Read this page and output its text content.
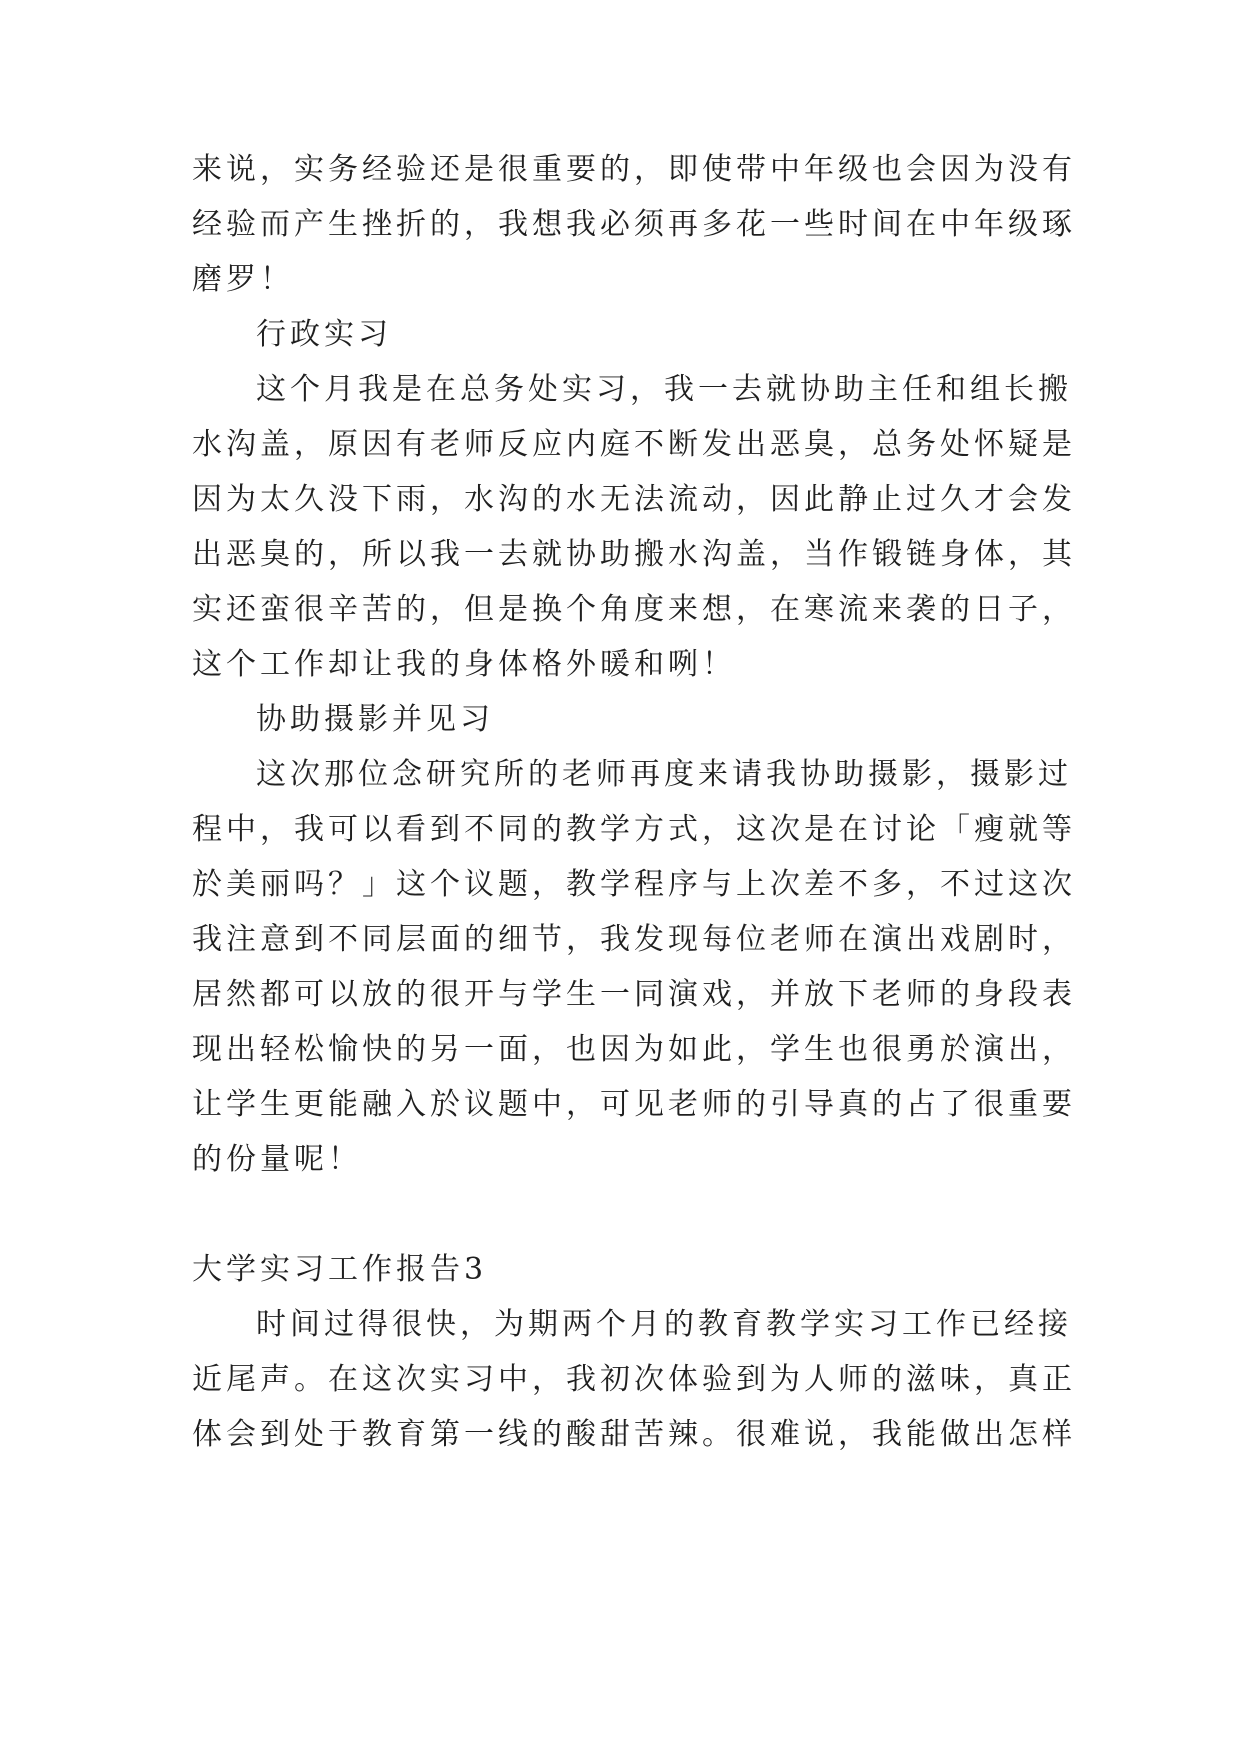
来说，实务经验还是很重要的，即使带中年级也会因为没有
经验而产生挫折的，我想我必须再多花一些时间在中年级琢
磨罗！
行政实习
这个月我是在总务处实习，我一去就协助主任和组长搬
水沟盖，原因有老师反应内庭不断发出恶臭，总务处怀疑是
因为太久没下雨，水沟的水无法流动，因此静止过久才会发
出恶臭的，所以我一去就协助搬水沟盖，当作锻链身体，其
实还蛮很辛苦的，但是换个角度来想，在寒流来袭的日子，
这个工作却让我的身体格外暖和咧！
协助摄影并见习
这次那位念研究所的老师再度来请我协助摄影，摄影过
程中，我可以看到不同的教学方式，这次是在讨论「瘦就等
於美丽吗？」这个议题，教学程序与上次差不多，不过这次
我注意到不同层面的细节，我发现每位老师在演出戏剧时，
居然都可以放的很开与学生一同演戏，并放下老师的身段表
现出轻松愉快的另一面，也因为如此，学生也很勇於演出，
让学生更能融入於议题中，可见老师的引导真的占了很重要
的份量呢！
大学实习工作报告3
时间过得很快，为期两个月的教育教学实习工作已经接
近尾声。在这次实习中，我初次体验到为人师的滋味，真正
体会到处于教育第一线的酸甜苦辣。很难说，我能做出怎样
